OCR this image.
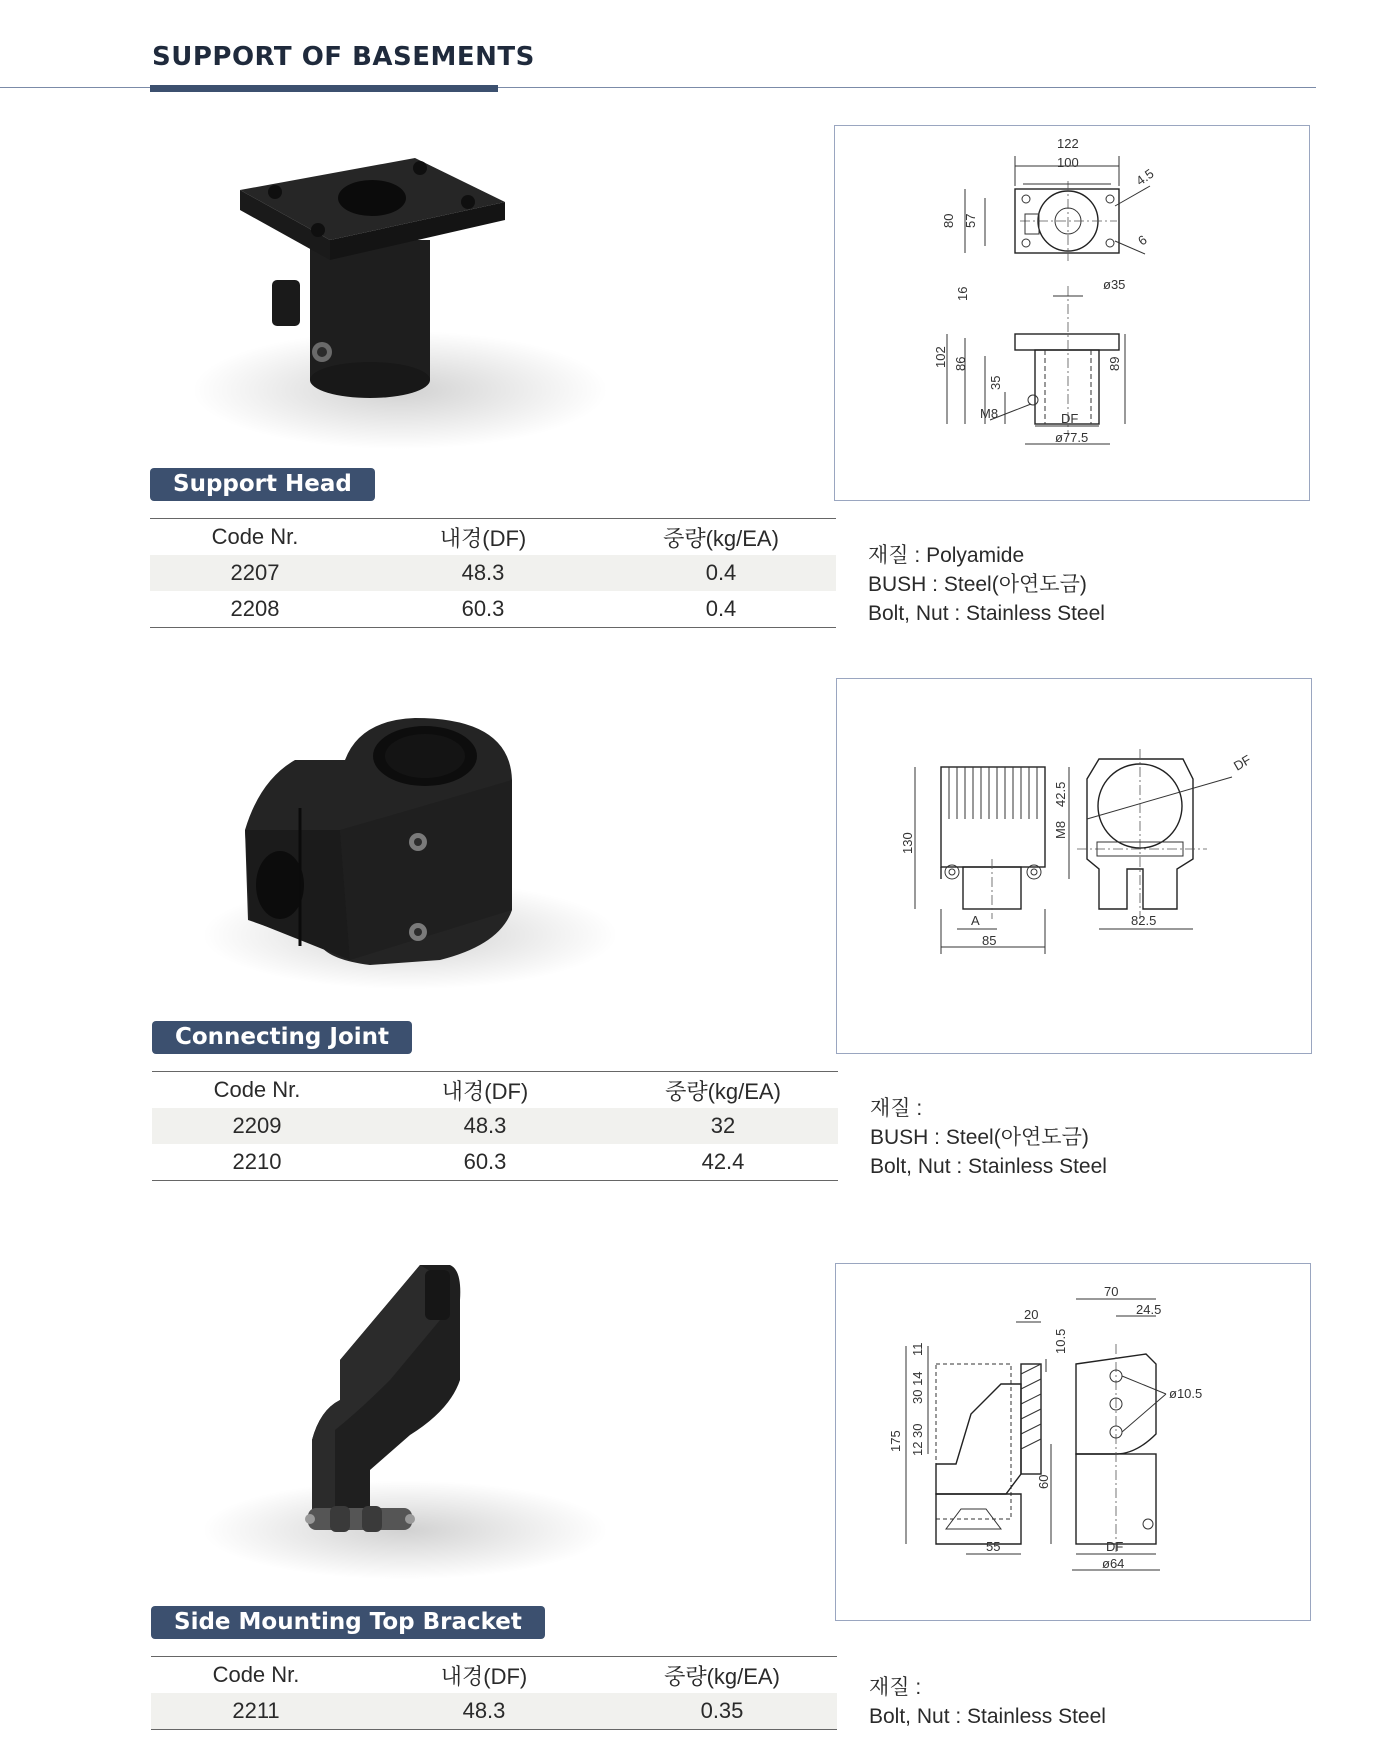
SUPPORT OF BASEMENTS
122
100
80 57
4.5
6
ø35
16
102 86
35
89
M8	DF
ø77.5
Support Head
Code Nr.	내경(DF)	중량(kg/EA)
2207	48.3	0.4
2208	60.3	0.4
재질 : Polyamide
BUSH : Steel(아연도금)
Bolt, Nut : Stainless Steel
130
42.5
M8
A
85
DF
82.5
Connecting Joint
Code Nr.	내경(DF)	중량(kg/EA)
2209	48.3	32
2210	60.3	42.4
재질 :
BUSH : Steel(아연도금)
Bolt, Nut : Stainless Steel
20
10.5
11
30 14
30
12
175
60
55
ø10.5
70
24.5
DF
ø64
Side Mounting Top Bracket
Code Nr.	내경(DF)	중량(kg/EA)
2211	48.3	0.35
재질 :
Bolt, Nut : Stainless Steel
